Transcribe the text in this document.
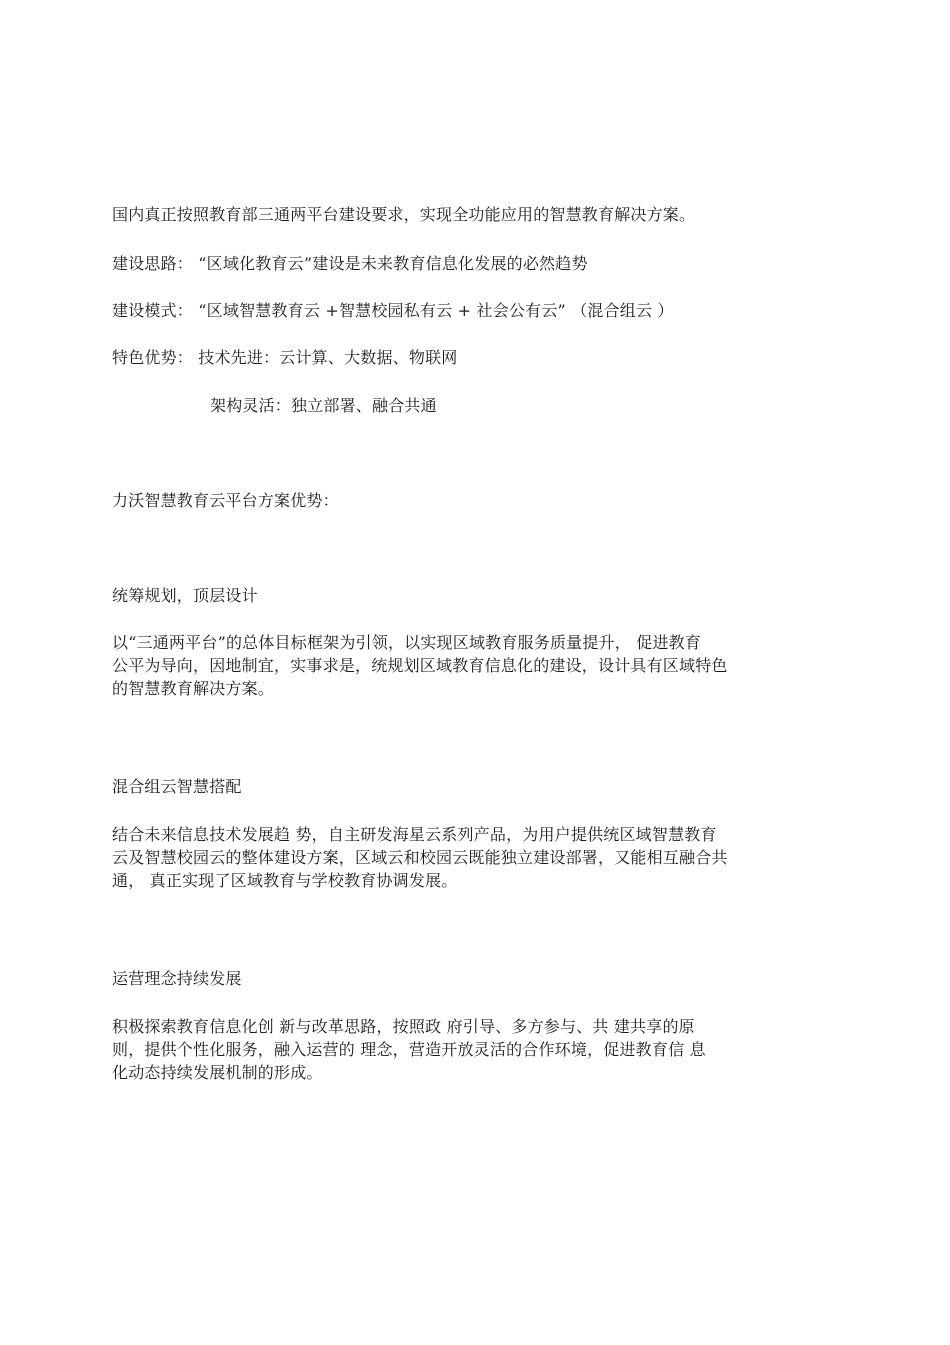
国内真正按照教育部三通两平台建设要求，实现全功能应用的智慧教育解决方案。
建设思路： “区域化教育云”建设是未来教育信息化发展的必然趋势
建设模式： “区域智慧教育云 +智慧校园私有云 + 社会公有云” （混合组云 ）
特色优势： 技术先进：云计算、大数据、物联网
架构灵活：独立部署、融合共通
力沃智慧教育云平台方案优势：
统筹规划，顶层设计
以“三通两平台”的总体目标框架为引领，以实现区域教育服务质量提升， 促进教育
公平为导向，因地制宜，实事求是，统规划区域教育信息化的建设，设计具有区域特色
的智慧教育解决方案。
混合组云智慧搭配
结合未来信息技术发展趋 势，自主研发海星云系列产品，为用户提供统区域智慧教育
云及智慧校园云的整体建设方案，区域云和校园云既能独立建设部署，又能相互融合共
通， 真正实现了区域教育与学校教育协调发展。
运营理念持续发展
积极探索教育信息化创 新与改革思路，按照政 府引导、多方参与、共 建共享的原
则，提供个性化服务，融入运营的 理念，营造开放灵活的合作环境，促进教育信 息
化动态持续发展机制的形成。
